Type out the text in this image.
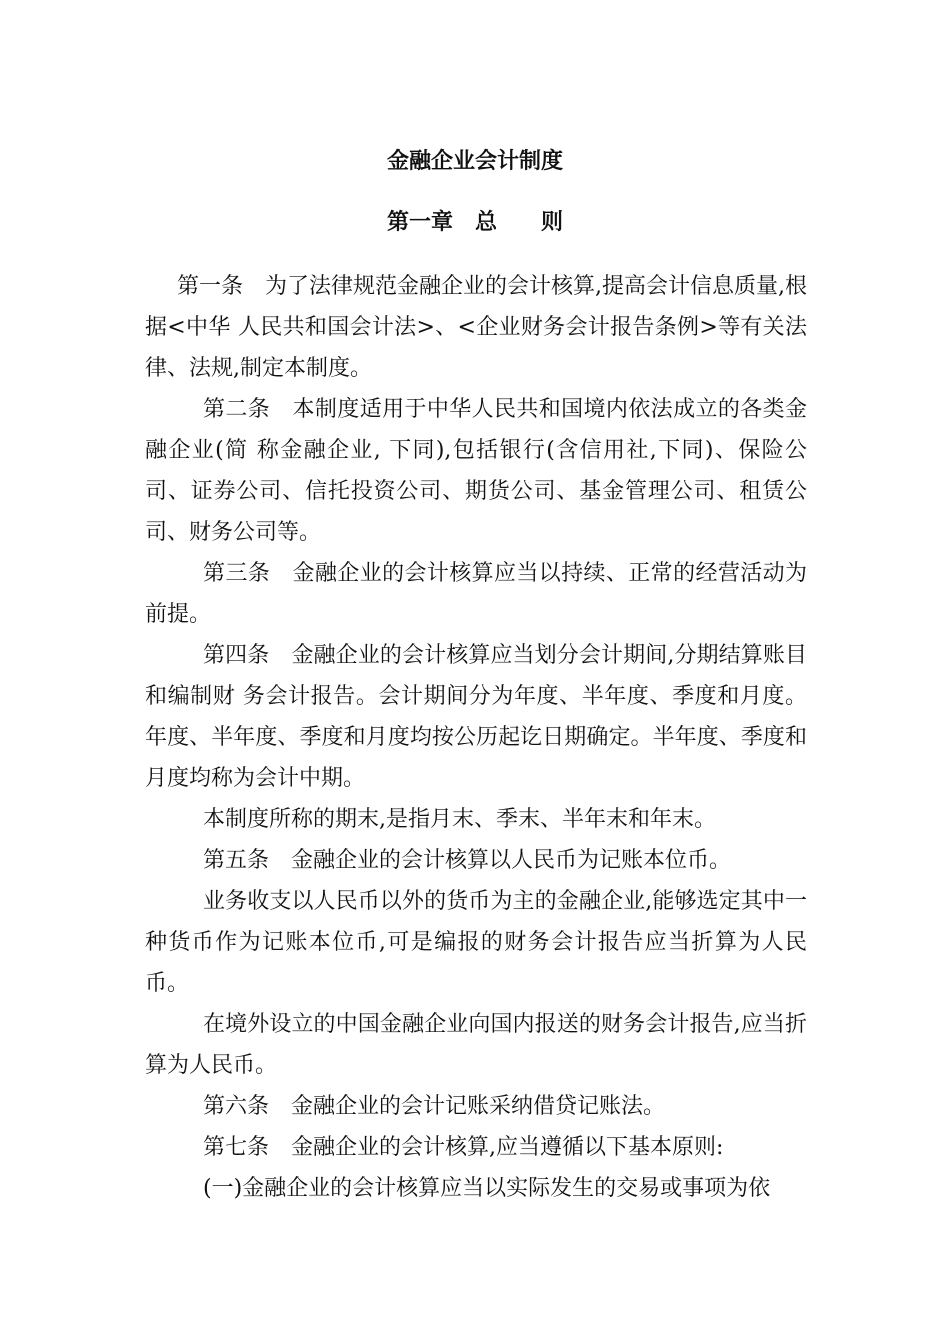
金融企业会计制度
第一章　总　　则

第一条　为了法律规范金融企业的会计核算,提高会计信息质量,根据<中华 人民共和国会计法>、<企业财务会计报告条例>等有关法律、法规,制定本制度。

第二条　本制度适用于中华人民共和国境内依法成立的各类金融企业(简 称金融企业, 下同),包括银行(含信用社,下同)、保险公司、证券公司、信托投资公司、期货公司、基金管理公司、租赁公司、财务公司等。

第三条　金融企业的会计核算应当以持续、正常的经营活动为前提。

第四条　金融企业的会计核算应当划分会计期间,分期结算账目和编制财 务会计报告。会计期间分为年度、半年度、季度和月度。年度、半年度、季度和月度均按公历起讫日期确定。半年度、季度和月度均称为会计中期。

本制度所称的期末,是指月末、季末、半年末和年末。

第五条　金融企业的会计核算以人民币为记账本位币。

业务收支以人民币以外的货币为主的金融企业,能够选定其中一种货币作为记账本位币,可是编报的财务会计报告应当折算为人民币。

在境外设立的中国金融企业向国内报送的财务会计报告,应当折算为人民币。

第六条　金融企业的会计记账采纳借贷记账法。

第七条　金融企业的会计核算,应当遵循以下基本原则:

(一)金融企业的会计核算应当以实际发生的交易或事项为依
